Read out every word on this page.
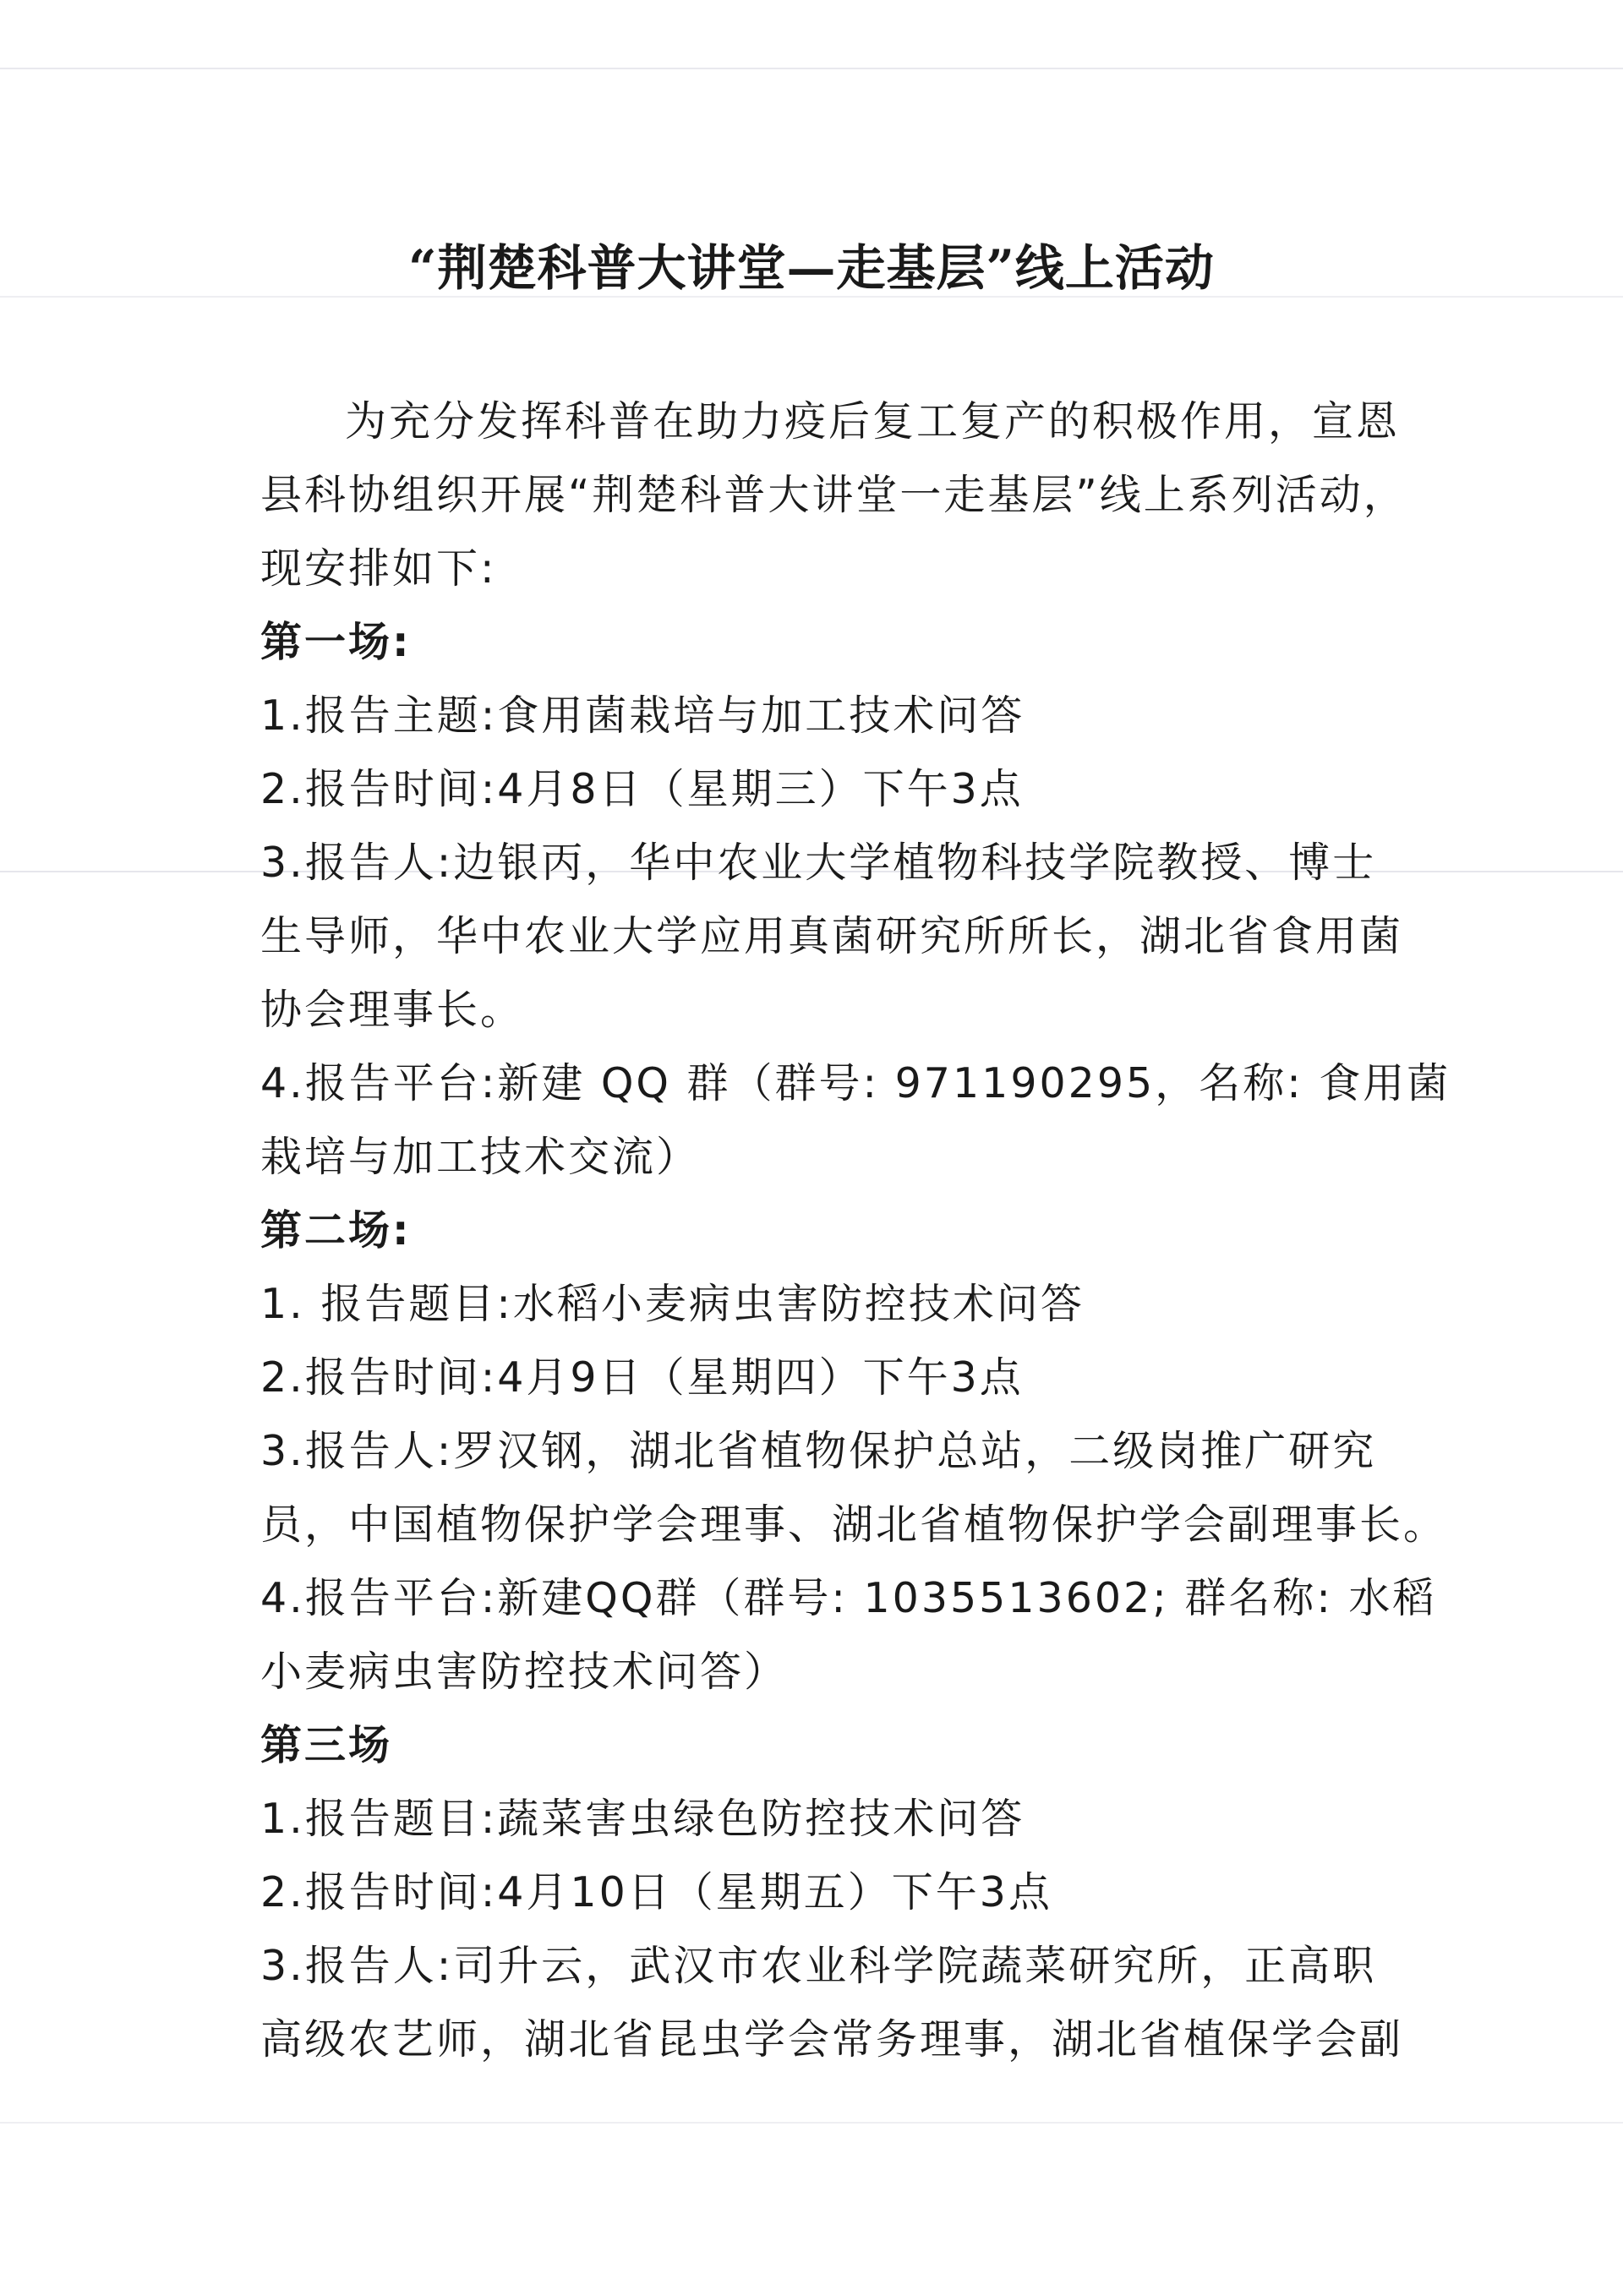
“荆楚科普大讲堂—走基层”线上活动
为充分发挥科普在助力疫后复工复产的积极作用，宣恩
县科协组织开展“荆楚科普大讲堂一走基层”线上系列活动，
现安排如下:
第一场:
1.报告主题:食用菌栽培与加工技术问答
2.报告时间:4月8日（星期三）下午3点
3.报告人:边银丙，华中农业大学植物科技学院教授、博士
生导师，华中农业大学应用真菌研究所所长，湖北省食用菌
协会理事长。
4.报告平台:新建 QQ 群（群号: 971190295，名称: 食用菌
栽培与加工技术交流）
第二场:
1. 报告题目:水稻小麦病虫害防控技术问答
2.报告时间:4月9日（星期四）下午3点
3.报告人:罗汉钢，湖北省植物保护总站，二级岗推广研究
员，中国植物保护学会理事、湖北省植物保护学会副理事长。
4.报告平台:新建QQ群（群号: 1035513602; 群名称: 水稻
小麦病虫害防控技术问答）
第三场
1.报告题目:蔬菜害虫绿色防控技术问答
2.报告时间:4月10日（星期五）下午3点
3.报告人:司升云，武汉市农业科学院蔬菜研究所，正高职
高级农艺师，湖北省昆虫学会常务理事，湖北省植保学会副
